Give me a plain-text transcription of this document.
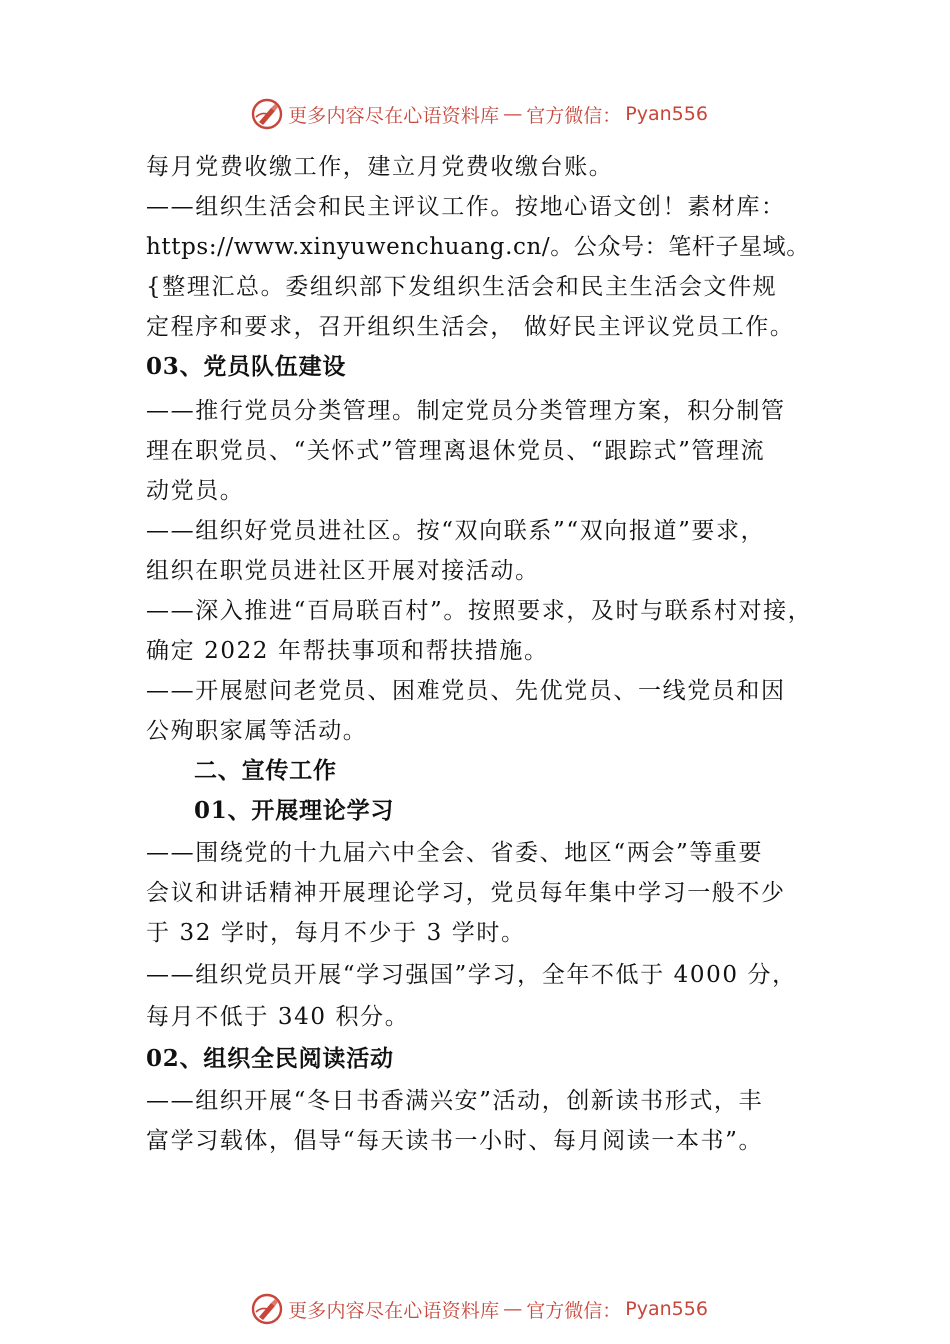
更多内容尽在心语资料库 — 官方微信： Pyan556
每月党费收缴工作，建立月党费收缴台账。
——组织生活会和民主评议工作。按地心语文创！素材库：
https://www.xinyuwenchuang.cn/。公众号：笔杆子星域。
{整理汇总。委组织部下发组织生活会和民主生活会文件规
定程序和要求，召开组织生活会， 做好民主评议党员工作。
03、党员队伍建设
——推行党员分类管理。制定党员分类管理方案，积分制管
理在职党员、“关怀式”管理离退休党员、“跟踪式”管理流
动党员。
——组织好党员进社区。按“双向联系”“双向报道”要求，
组织在职党员进社区开展对接活动。
——深入推进“百局联百村”。按照要求，及时与联系村对接，
确定 2022 年帮扶事项和帮扶措施。
——开展慰问老党员、困难党员、先优党员、一线党员和因
公殉职家属等活动。
二、宣传工作
01、开展理论学习
——围绕党的十九届六中全会、省委、地区“两会”等重要
会议和讲话精神开展理论学习，党员每年集中学习一般不少
于 32 学时，每月不少于 3 学时。
——组织党员开展“学习强国”学习，全年不低于 4000 分，
每月不低于 340 积分。
02、组织全民阅读活动
——组织开展“冬日书香满兴安”活动，创新读书形式，丰
富学习载体，倡导“每天读书一小时、每月阅读一本书”。
更多内容尽在心语资料库 — 官方微信： Pyan556
